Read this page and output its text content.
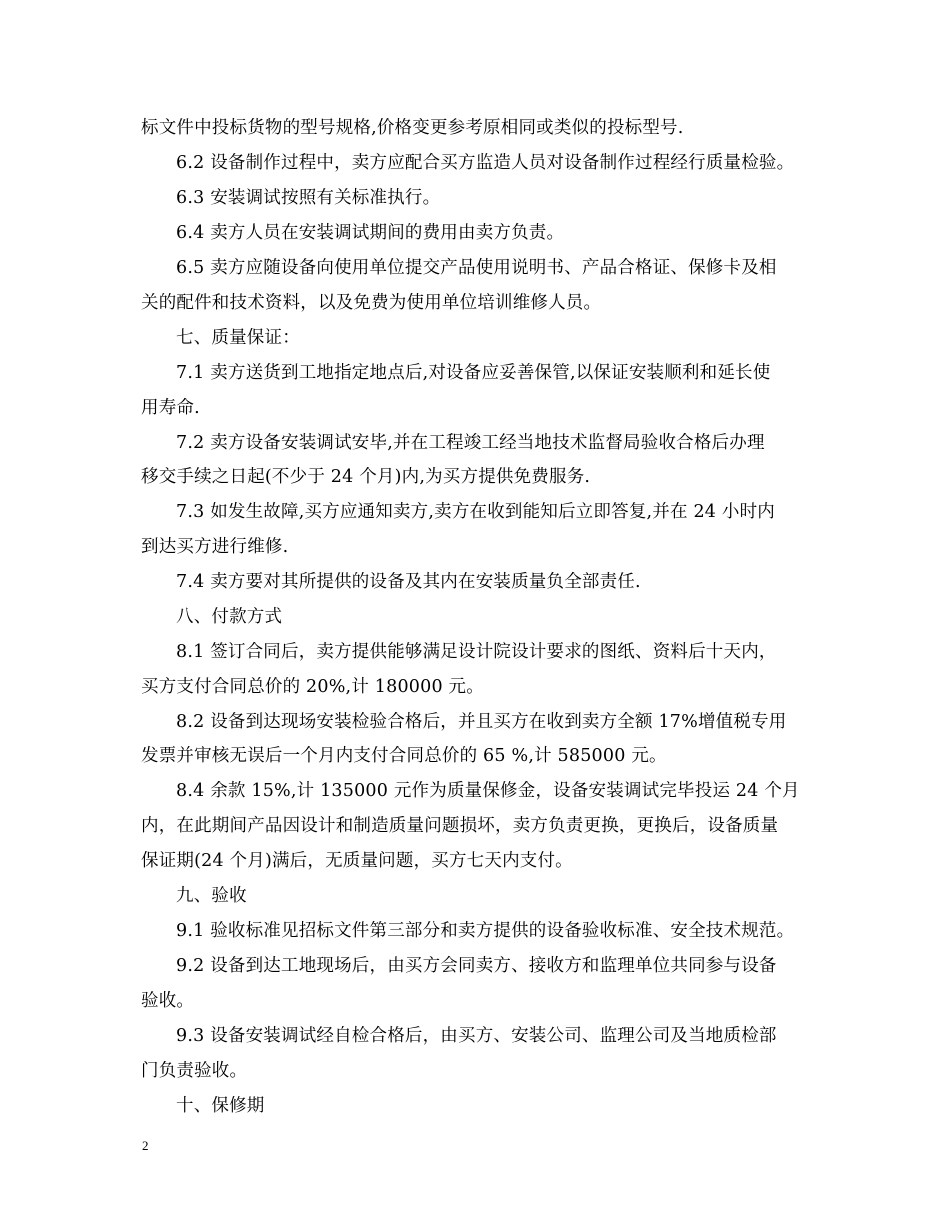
标文件中投标货物的型号规格,价格变更参考原相同或类似的投标型号.
6.2 设备制作过程中，卖方应配合买方监造人员对设备制作过程经行质量检验。
6.3 安装调试按照有关标准执行。
6.4 卖方人员在安装调试期间的费用由卖方负责。
6.5 卖方应随设备向使用单位提交产品使用说明书、产品合格证、保修卡及相
关的配件和技术资料，以及免费为使用单位培训维修人员。
七、质量保证：
7.1 卖方送货到工地指定地点后,对设备应妥善保管,以保证安装顺利和延长使
用寿命.
7.2 卖方设备安装调试安毕,并在工程竣工经当地技术监督局验收合格后办理
移交手续之日起(不少于 24 个月)内,为买方提供免费服务.
7.3 如发生故障,买方应通知卖方,卖方在收到能知后立即答复,并在 24 小时内
到达买方进行维修.
7.4 卖方要对其所提供的设备及其内在安装质量负全部责任.
八、付款方式
8.1 签订合同后，卖方提供能够满足设计院设计要求的图纸、资料后十天内，
买方支付合同总价的 20%,计 180000 元。
8.2 设备到达现场安装检验合格后，并且买方在收到卖方全额 17%增值税专用
发票并审核无误后一个月内支付合同总价的 65 %,计 585000 元。
8.4 余款 15%,计 135000 元作为质量保修金，设备安装调试完毕投运 24 个月
内，在此期间产品因设计和制造质量问题损坏，卖方负责更换，更换后，设备质量
保证期(24 个月)满后，无质量问题，买方七天内支付。
九、验收
9.1 验收标准见招标文件第三部分和卖方提供的设备验收标准、安全技术规范。
9.2 设备到达工地现场后，由买方会同卖方、接收方和监理单位共同参与设备
验收。
9.3 设备安装调试经自检合格后，由买方、安装公司、监理公司及当地质检部
门负责验收。
十、保修期
2
